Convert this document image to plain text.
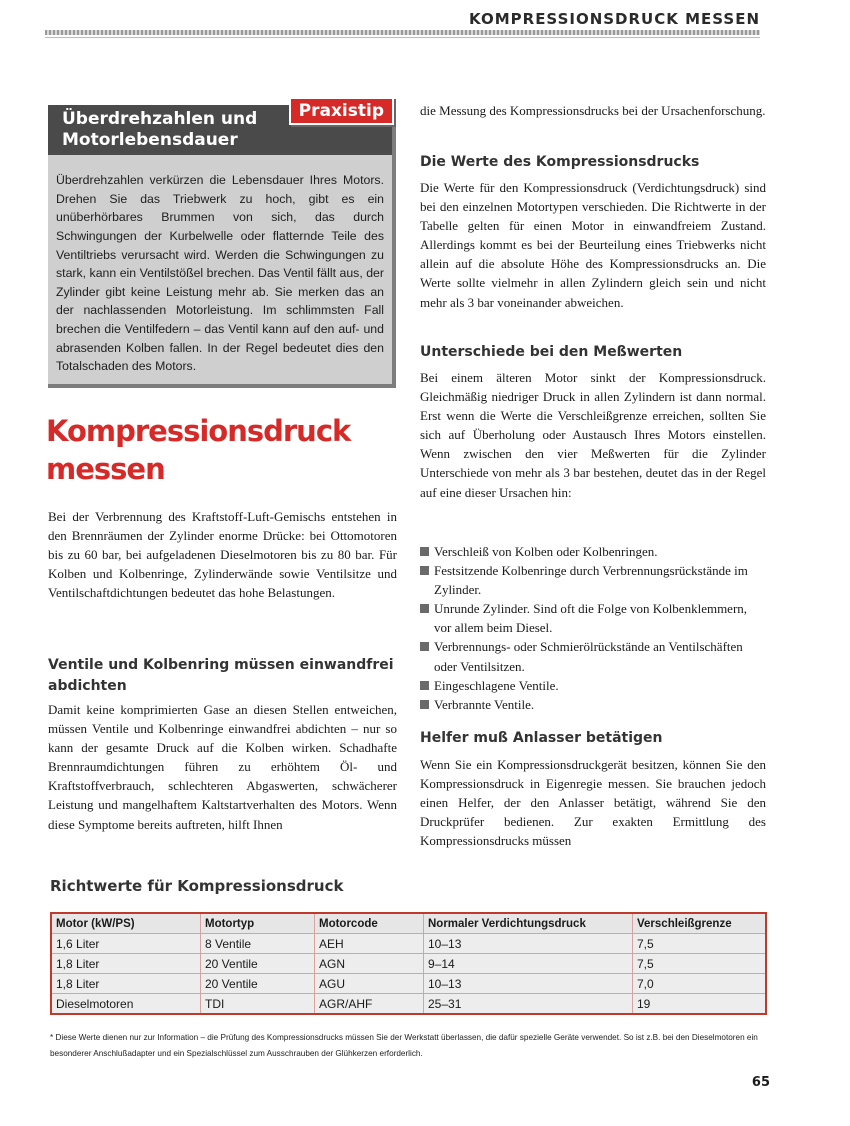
KOMPRESSIONSDRUCK MESSEN
Überdrehzahlen und Motorlebensdauer
Praxistip

Überdrehzahlen verkürzen die Lebensdauer Ihres Motors. Drehen Sie das Triebwerk zu hoch, gibt es ein unüberhörbares Brummen von sich, das durch Schwingungen der Kurbelwelle oder flatternde Teile des Ventiltriebs verursacht wird. Werden die Schwingungen zu stark, kann ein Ventilstößel brechen. Das Ventil fällt aus, der Zylinder gibt keine Leistung mehr ab. Sie merken das an der nachlassenden Motorleistung. Im schlimmsten Fall brechen die Ventilfedern – das Ventil kann auf den auf- und abrasenden Kolben fallen. In der Regel bedeutet dies den Totalschaden des Motors.

Kompressionsdruck messen

Bei der Verbrennung des Kraftstoff-Luft-Gemischs entstehen in den Brennräumen der Zylinder enorme Drücke: bei Ottomotoren bis zu 60 bar, bei aufgeladenen Dieselmotoren bis zu 80 bar. Für Kolben und Kolbenringe, Zylinderwände sowie Ventilsitze und Ventilschaftdichtungen bedeutet das hohe Belastungen.

Ventile und Kolbenring müssen einwandfrei abdichten

Damit keine komprimierten Gase an diesen Stellen entweichen, müssen Ventile und Kolbenringe einwandfrei abdichten – nur so kann der gesamte Druck auf die Kolben wirken. Schadhafte Brennraumdichtungen führen zu erhöhtem Öl- und Kraftstoffverbrauch, schlechteren Abgaswerten, schwächerer Leistung und mangelhaftem Kaltstartverhalten des Motors. Wenn diese Symptome bereits auftreten, hilft Ihnen

die Messung des Kompressionsdrucks bei der Ursachenforschung.

Die Werte des Kompressionsdrucks

Die Werte für den Kompressionsdruck (Verdichtungsdruck) sind bei den einzelnen Motortypen verschieden. Die Richtwerte in der Tabelle gelten für einen Motor in einwandfreiem Zustand. Allerdings kommt es bei der Beurteilung eines Triebwerks nicht allein auf die absolute Höhe des Kompressionsdrucks an. Die Werte sollte vielmehr in allen Zylindern gleich sein und nicht mehr als 3 bar voneinander abweichen.

Unterschiede bei den Meßwerten

Bei einem älteren Motor sinkt der Kompressionsdruck. Gleichmäßig niedriger Druck in allen Zylindern ist dann normal. Erst wenn die Werte die Verschleißgrenze erreichen, sollten Sie sich auf Überholung oder Austausch Ihres Motors einstellen. Wenn zwischen den vier Meßwerten für die Zylinder Unterschiede von mehr als 3 bar bestehen, deutet das in der Regel auf eine dieser Ursachen hin:

Verschleiß von Kolben oder Kolbenringen.
Festsitzende Kolbenringe durch Verbrennungsrückstände im Zylinder.
Unrunde Zylinder. Sind oft die Folge von Kolbenklemmern, vor allem beim Diesel.
Verbrennungs- oder Schmierölrückstände an Ventilschäften oder Ventilsitzen.
Eingeschlagene Ventile.
Verbrannte Ventile.
Helfer muß Anlasser betätigen

Wenn Sie ein Kompressionsdruckgerät besitzen, können Sie den Kompressionsdruck in Eigenregie messen. Sie brauchen jedoch einen Helfer, der den Anlasser betätigt, während Sie den Druckprüfer bedienen. Zur exakten Ermittlung des Kompressionsdrucks müssen

Richtwerte für Kompressionsdruck
Motor (kW/PS)	Motortyp	Motorcode	Normaler Verdichtungsdruck	Verschleißgrenze
1,6 Liter	8 Ventile	AEH	10–13	7,5
1,8 Liter	20 Ventile	AGN	9–14	7,5
1,8 Liter	20 Ventile	AGU	10–13	7,0
Dieselmotoren	TDI	AGR/AHF	25–31	19
* Diese Werte dienen nur zur Information – die Prüfung des Kompressionsdrucks müssen Sie der Werkstatt überlassen, die dafür spezielle Geräte verwendet. So ist z.B. bei den Dieselmotoren ein besonderer Anschlußadapter und ein Spezialschlüssel zum Ausschrauben der Glühkerzen erforderlich.
65
